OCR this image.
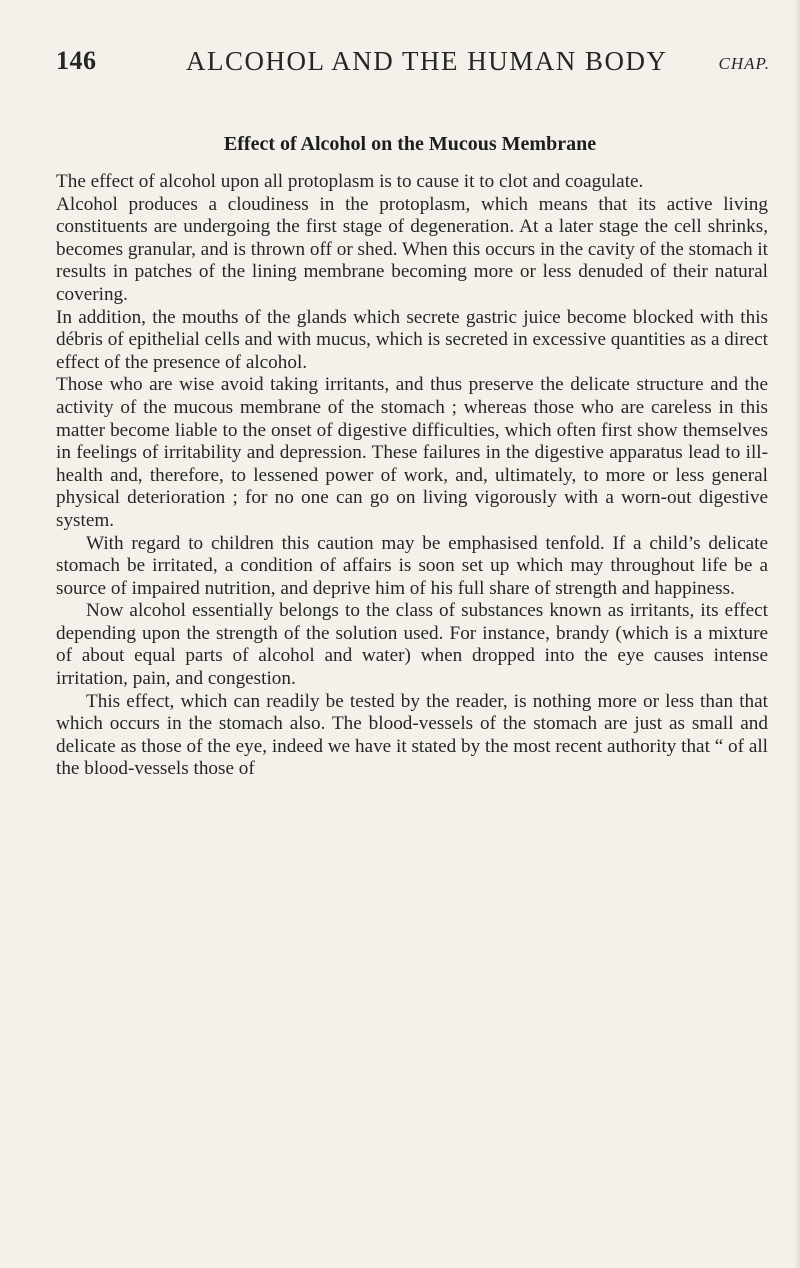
146	ALCOHOL AND THE HUMAN BODY	CHAP.
Effect of Alcohol on the Mucous Membrane

The effect of alcohol upon all protoplasm is to cause it to clot and coagulate.

Alcohol produces a cloudiness in the protoplasm, which means that its active living constituents are undergoing the first stage of degeneration. At a later stage the cell shrinks, becomes granular, and is thrown off or shed. When this occurs in the cavity of the stomach it results in patches of the lining membrane becoming more or less denuded of their natural covering.

In addition, the mouths of the glands which secrete gastric juice become blocked with this débris of epithelial cells and with mucus, which is secreted in excessive quantities as a direct effect of the presence of alcohol.

Those who are wise avoid taking irritants, and thus preserve the delicate structure and the activity of the mucous membrane of the stomach ; whereas those who are careless in this matter become liable to the onset of digestive difficulties, which often first show themselves in feelings of irritability and depression. These failures in the digestive apparatus lead to ill-health and, therefore, to lessened power of work, and, ultimately, to more or less general physical deterioration ; for no one can go on living vigorously with a worn-out digestive system.

With regard to children this caution may be emphasised tenfold. If a child’s delicate stomach be irritated, a condition of affairs is soon set up which may throughout life be a source of impaired nutrition, and deprive him of his full share of strength and happiness.

Now alcohol essentially belongs to the class of substances known as irritants, its effect depending upon the strength of the solution used. For instance, brandy (which is a mixture of about equal parts of alcohol and water) when dropped into the eye causes intense irritation, pain, and congestion.

This effect, which can readily be tested by the reader, is nothing more or less than that which occurs in the stomach also. The blood-vessels of the stomach are just as small and delicate as those of the eye, indeed we have it stated by the most recent authority that “ of all the blood-vessels those of
